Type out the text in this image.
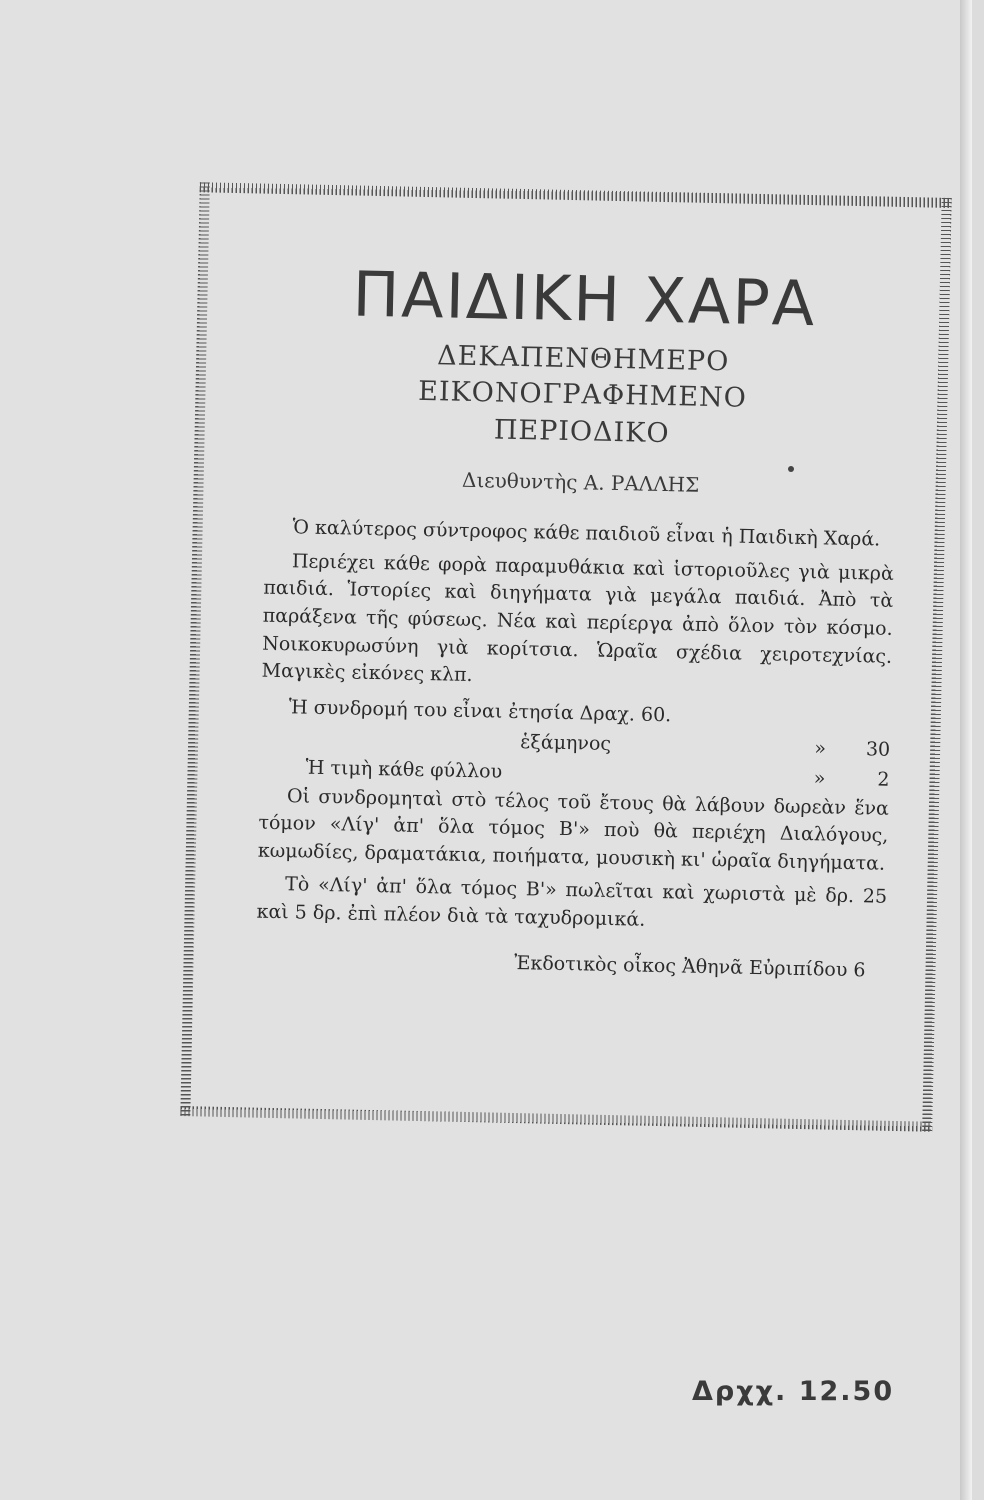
ΠΑΙΔΙΚΗ ΧΑΡΑ

ΔΕΚΑΠΕΝΘΗΜΕΡΟ ΕΙΚΟΝΟΓΡΑΦΗΜΕΝΟ

ΠΕΡΙΟΔΙΚΟ

Διευθυντὴς Α. ΡΑΛΛΗΣ

Ὁ καλύτερος σύντροφος κάθε παιδιοῦ εἶναι ἡ Παιδικὴ Χαρά.

Περιέχει κάθε φορὰ παραμυθάκια καὶ ἱστοριοῦλες γιὰ μικρὰ παιδιά. Ἱστορίες καὶ διηγήματα γιὰ μεγάλα παιδιά. Ἀπὸ τὰ παράξενα τῆς φύσεως. Νέα καὶ περίεργα ἀπὸ ὅλον τὸν κόσμο. Νοικοκυρωσύνη γιὰ κορίτσια. Ὡραῖα σχέδια χειροτεχνίας. Μαγικὲς εἰκόνες κλπ.

Ἡ συνδρομή του εἶναι ἐτησία Δραχ. 60.
ἑξάμηνος	»	30
Ἡ τιμὴ κάθε φύλλου	»	2

Οἱ συνδρομηταὶ στὸ τέλος τοῦ ἔτους θὰ λάβουν δωρεὰν ἕνα τόμον «Λίγ' ἀπ' ὅλα τόμος Β'» ποὺ θὰ περιέχη Διαλόγους, κωμωδίες, δραματάκια, ποιήματα, μουσικὴ κι' ὡραῖα διηγήματα.

Τὸ «Λίγ' ἀπ' ὅλα τόμος Β'» πωλεῖται καὶ χωριστὰ μὲ δρ. 25 καὶ 5 δρ. ἐπὶ πλέον διὰ τὰ ταχυδρομικά.

Ἐκδοτικὸς οἶκος Ἀθηνᾶ Εὐριπίδου 6

Δρχχ. 12.50
